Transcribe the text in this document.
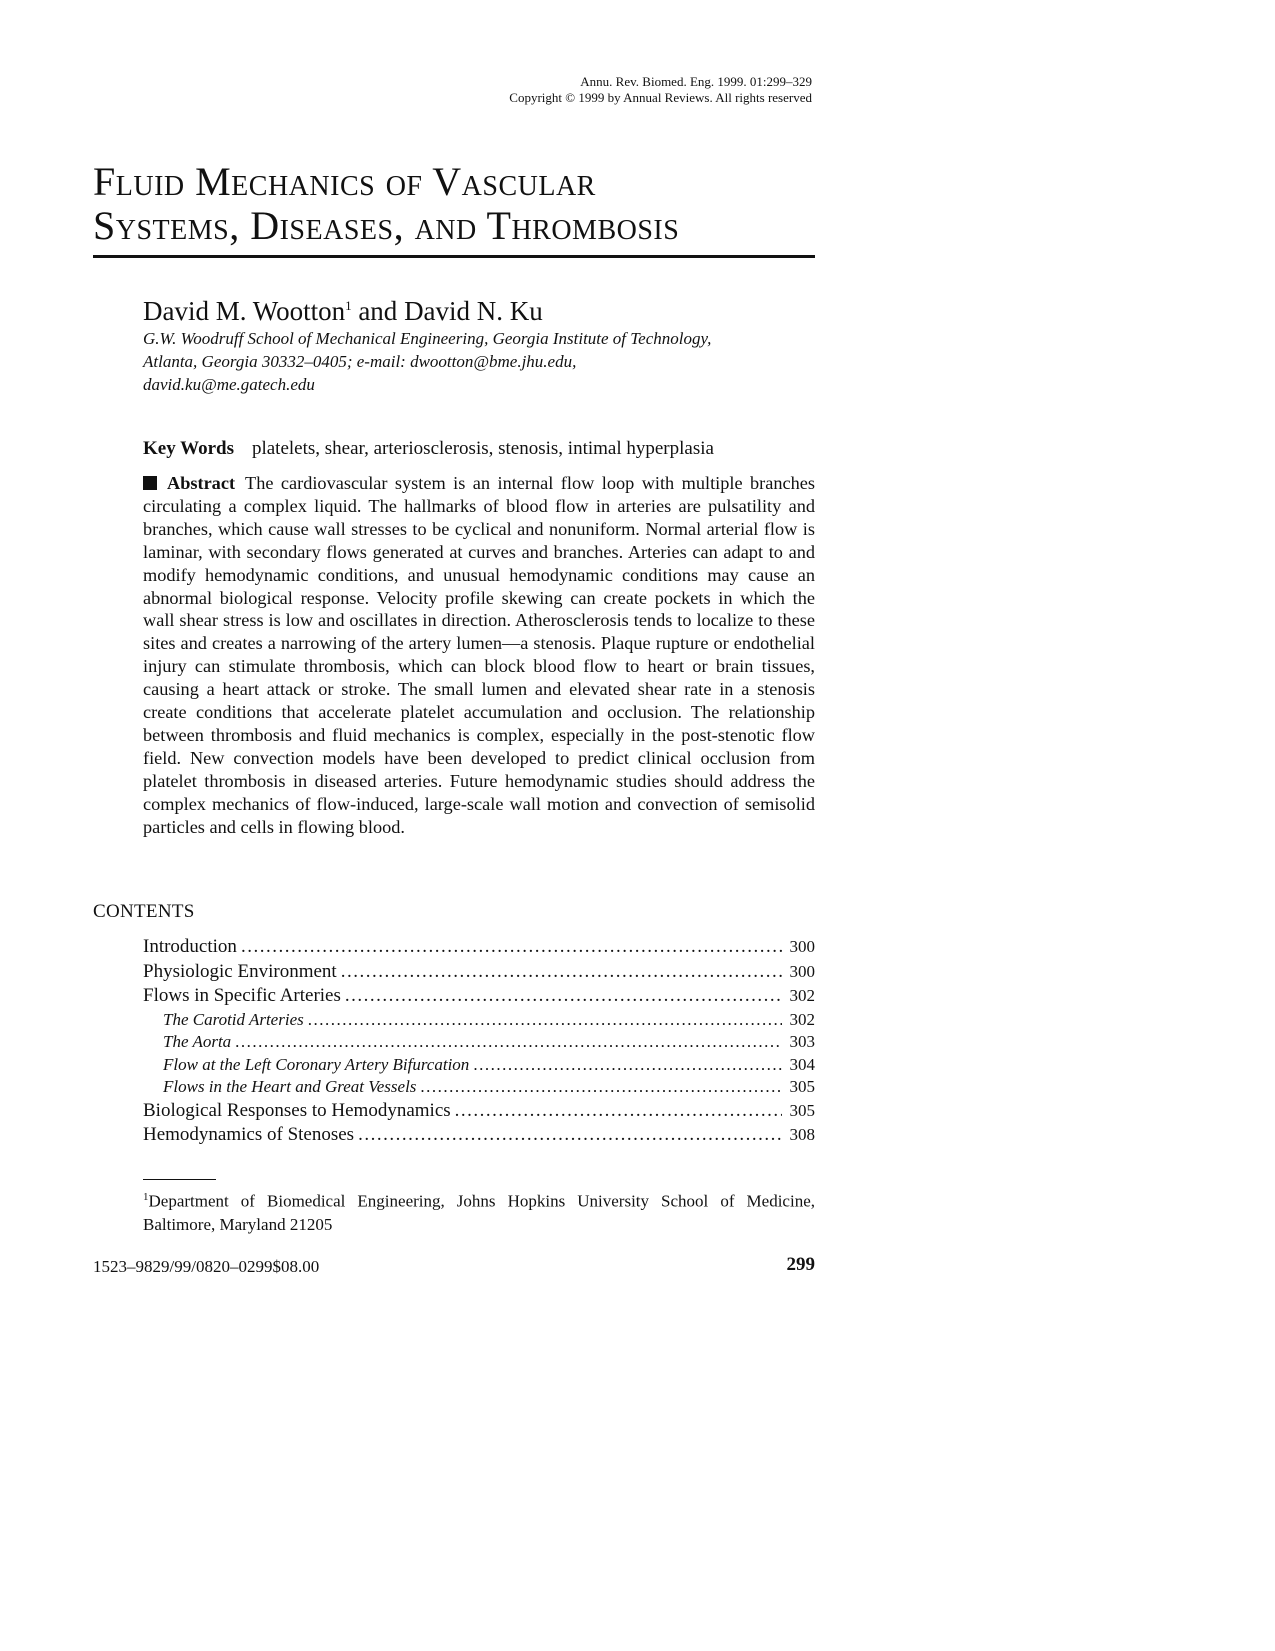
Annu. Rev. Biomed. Eng. 1999. 01:299–329
Copyright © 1999 by Annual Reviews. All rights reserved
Fluid Mechanics of Vascular
Systems, Diseases, and Thrombosis
David M. Wootton$^1$ and David N. Ku
G.W. Woodruff School of Mechanical Engineering, Georgia Institute of Technology,
Atlanta, Georgia 30332–0405; e-mail: dwootton@bme.jhu.edu,
david.ku@me.gatech.edu
Key Words platelets, shear, arteriosclerosis, stenosis, intimal hyperplasia
Abstract The cardiovascular system is an internal flow loop with multiple branches circulating a complex liquid. The hallmarks of blood flow in arteries are pulsatility and branches, which cause wall stresses to be cyclical and nonuniform. Normal arterial flow is laminar, with secondary flows generated at curves and branches. Arteries can adapt to and modify hemodynamic conditions, and unusual hemodynamic conditions may cause an abnormal biological response. Velocity profile skewing can create pockets in which the wall shear stress is low and oscillates in direction. Atherosclerosis tends to localize to these sites and creates a narrowing of the artery lumen—a stenosis. Plaque rupture or endothelial injury can stimulate thrombosis, which can block blood flow to heart or brain tissues, causing a heart attack or stroke. The small lumen and elevated shear rate in a stenosis create conditions that accelerate platelet accumulation and occlusion. The relationship between thrombosis and fluid mechanics is complex, especially in the post-stenotic flow field. New convection models have been developed to predict clinical occlusion from platelet thrombosis in diseased arteries. Future hemodynamic studies should address the complex mechanics of flow-induced, large-scale wall motion and convection of semisolid particles and cells in flowing blood.
CONTENTS
Introduction .....	300
Physiologic Environment .....	300
Flows in Specific Arteries .....	302
The Carotid Arteries .....	302
The Aorta .....	303
Flow at the Left Coronary Artery Bifurcation .....	304
Flows in the Heart and Great Vessels .....	305
Biological Responses to Hemodynamics .....	305
Hemodynamics of Stenoses .....	308
$^1$Department of Biomedical Engineering, Johns Hopkins University School of Medicine, Baltimore, Maryland 21205
1523–9829/99/0820–0299$08.00	299
